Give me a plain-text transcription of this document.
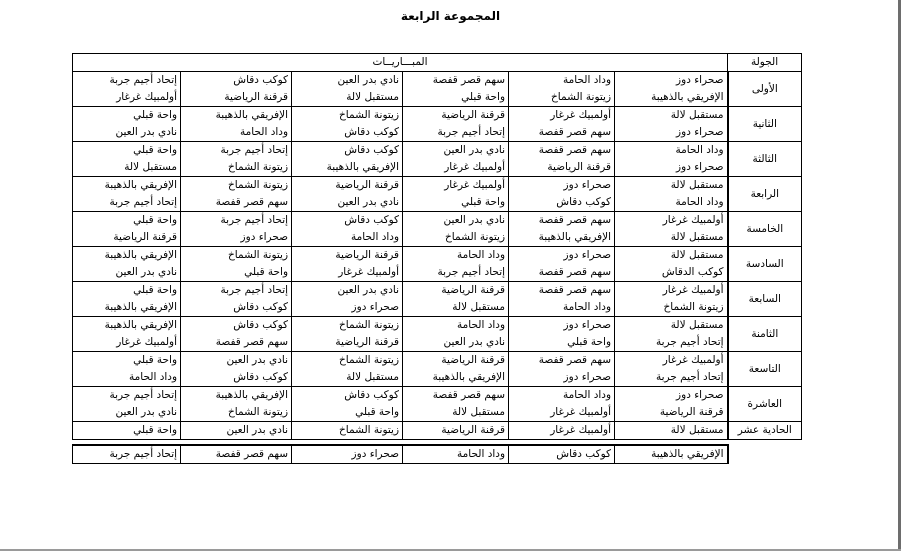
المجموعة الرابعة
الجولة	المبـــاريــات					
الأولى	صحراء دوز	وداد الحامة	سهم قصر قفصة	نادي بدر العين	كوكب دقاش	إتحاد أجيم جربة
	الإفريقي بالذهيبة	زيتونة الشماخ	واحة قبلي	مستقبل لالة	قرقنة الرياضية	أولمبيك غرغار
الثانية	مستقبل لالة	أولمبيك غرغار	قرقنة الرياضية	زيتونة الشماخ	الإفريقي بالذهيبة	واحة قبلي
	صحراء دوز	سهم قصر قفصة	إتحاد أجيم جربة	كوكب دقاش	وداد الحامة	نادي بدر العين
الثالثة	وداد الحامة	سهم قصر قفصة	نادي بدر العين	كوكب دقاش	إتحاد أجيم جربة	واحة قبلي
	صحراء دوز	قرقنة الرياضية	أولمبيك غرغار	الإفريقي بالذهيبة	زيتونة الشماخ	مستقبل لالة
الرابعة	مستقبل لالة	صحراء دوز	أولمبيك غرغار	قرقنة الرياضية	زيتونة الشماخ	الإفريقي بالذهيبة
	وداد الحامة	كوكب دقاش	واحة قبلي	نادي بدر العين	سهم قصر قفصة	إتحاد أجيم جربة
الخامسة	أولمبيك غرغار	سهم قصر قفصة	نادي بدر العين	كوكب دقاش	إتحاد أجيم جربة	واحة قبلي
	مستقبل لالة	الإفريقي بالذهيبة	زيتونة الشماخ	وداد الحامة	صحراء دوز	قرقنة الرياضية
السادسة	مستقبل لالة	صحراء دوز	وداد الحامة	قرقنة الرياضية	زيتونة الشماخ	الإفريقي بالذهيبة
	كوكب الدقاش	سهم قصر قفصة	إتحاد أجيم جربة	أولمبيك غرغار	واحة قبلي	نادي بدر العين
السابعة	أولمبيك غرغار	سهم قصر قفصة	قرقنة الرياضية	نادي بدر العين	إتحاد أجيم جربة	واحة قبلي
	زيتونة الشماخ	وداد الحامة	مستقبل لالة	صحراء دوز	كوكب دقاش	الإفريقي بالذهيبة
الثامنة	مستقبل لالة	صحراء دوز	وداد الحامة	زيتونة الشماخ	كوكب دقاش	الإفريقي بالذهيبة
	إتحاد أجيم جربة	واحة قبلي	نادي بدر العين	قرقنة الرياضية	سهم قصر قفصة	أولمبيك غرغار
التاسعة	أولمبيك غرغار	سهم قصر قفصة	قرقنة الرياضية	زيتونة الشماخ	نادي بدر العين	واحة قبلي
	إتحاد أجيم جربة	صحراء دوز	الإفريقي بالذهيبة	مستقبل لالة	كوكب دقاش	وداد الحامة
العاشرة	صحراء دوز	وداد الحامة	سهم قصر قفصة	كوكب دقاش	الإفريقي بالذهيبة	إتحاد أجيم جربة
	قرقنة الرياضية	أولمبيك غرغار	مستقبل لالة	واحة قبلي	زيتونة الشماخ	نادي بدر العين
الحادية عشر	مستقبل لالة	أولمبيك غرغار	قرقنة الرياضية	زيتونة الشماخ	نادي بدر العين	واحة قبلي

	الإفريقي بالذهيبة	كوكب دقاش	وداد الحامة	صحراء دوز	سهم قصر قفصة	إتحاد أجيم جربة
